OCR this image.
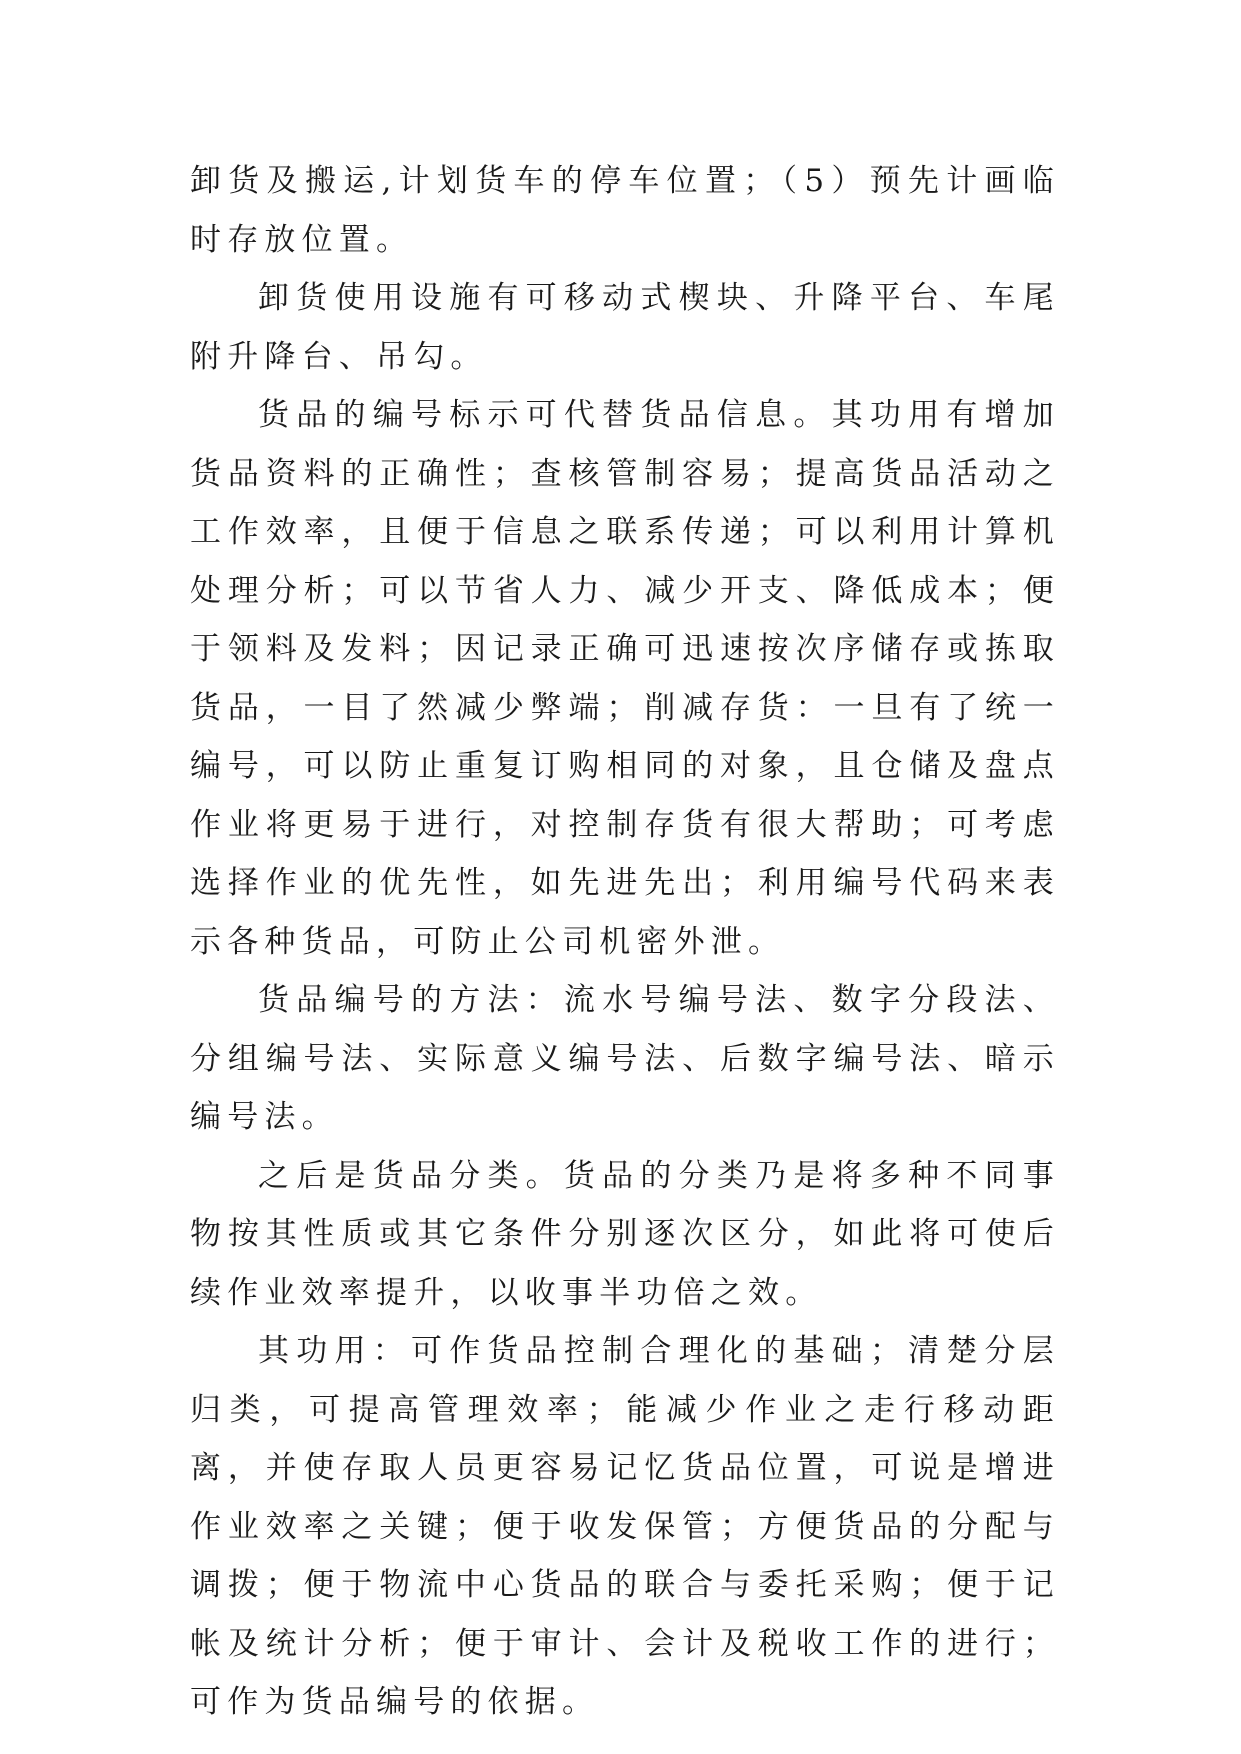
卸货及搬运,计划货车的停车位置；（5）预先计画临时存放位置。

卸货使用设施有可移动式楔块、升降平台、车尾附升降台、吊勾。

货品的编号标示可代替货品信息。其功用有增加货品资料的正确性；查核管制容易；提高货品活动之工作效率，且便于信息之联系传递；可以利用计算机处理分析；可以节省人力、减少开支、降低成本；便于领料及发料；因记录正确可迅速按次序储存或拣取货品，一目了然减少弊端；削减存货：一旦有了统一编号，可以防止重复订购相同的对象，且仓储及盘点作业将更易于进行，对控制存货有很大帮助；可考虑选择作业的优先性，如先进先出；利用编号代码来表示各种货品，可防止公司机密外泄。

货品编号的方法：流水号编号法、数字分段法、分组编号法、实际意义编号法、后数字编号法、暗示编号法。

之后是货品分类。货品的分类乃是将多种不同事物按其性质或其它条件分别逐次区分，如此将可使后续作业效率提升，以收事半功倍之效。

其功用：可作货品控制合理化的基础；清楚分层归类，可提高管理效率；能减少作业之走行移动距离，并使存取人员更容易记忆货品位置，可说是增进作业效率之关键；便于收发保管；方便货品的分配与调拨；便于物流中心货品的联合与委托采购；便于记帐及统计分析；便于审计、会计及税收工作的进行；可作为货品编号的依据。
